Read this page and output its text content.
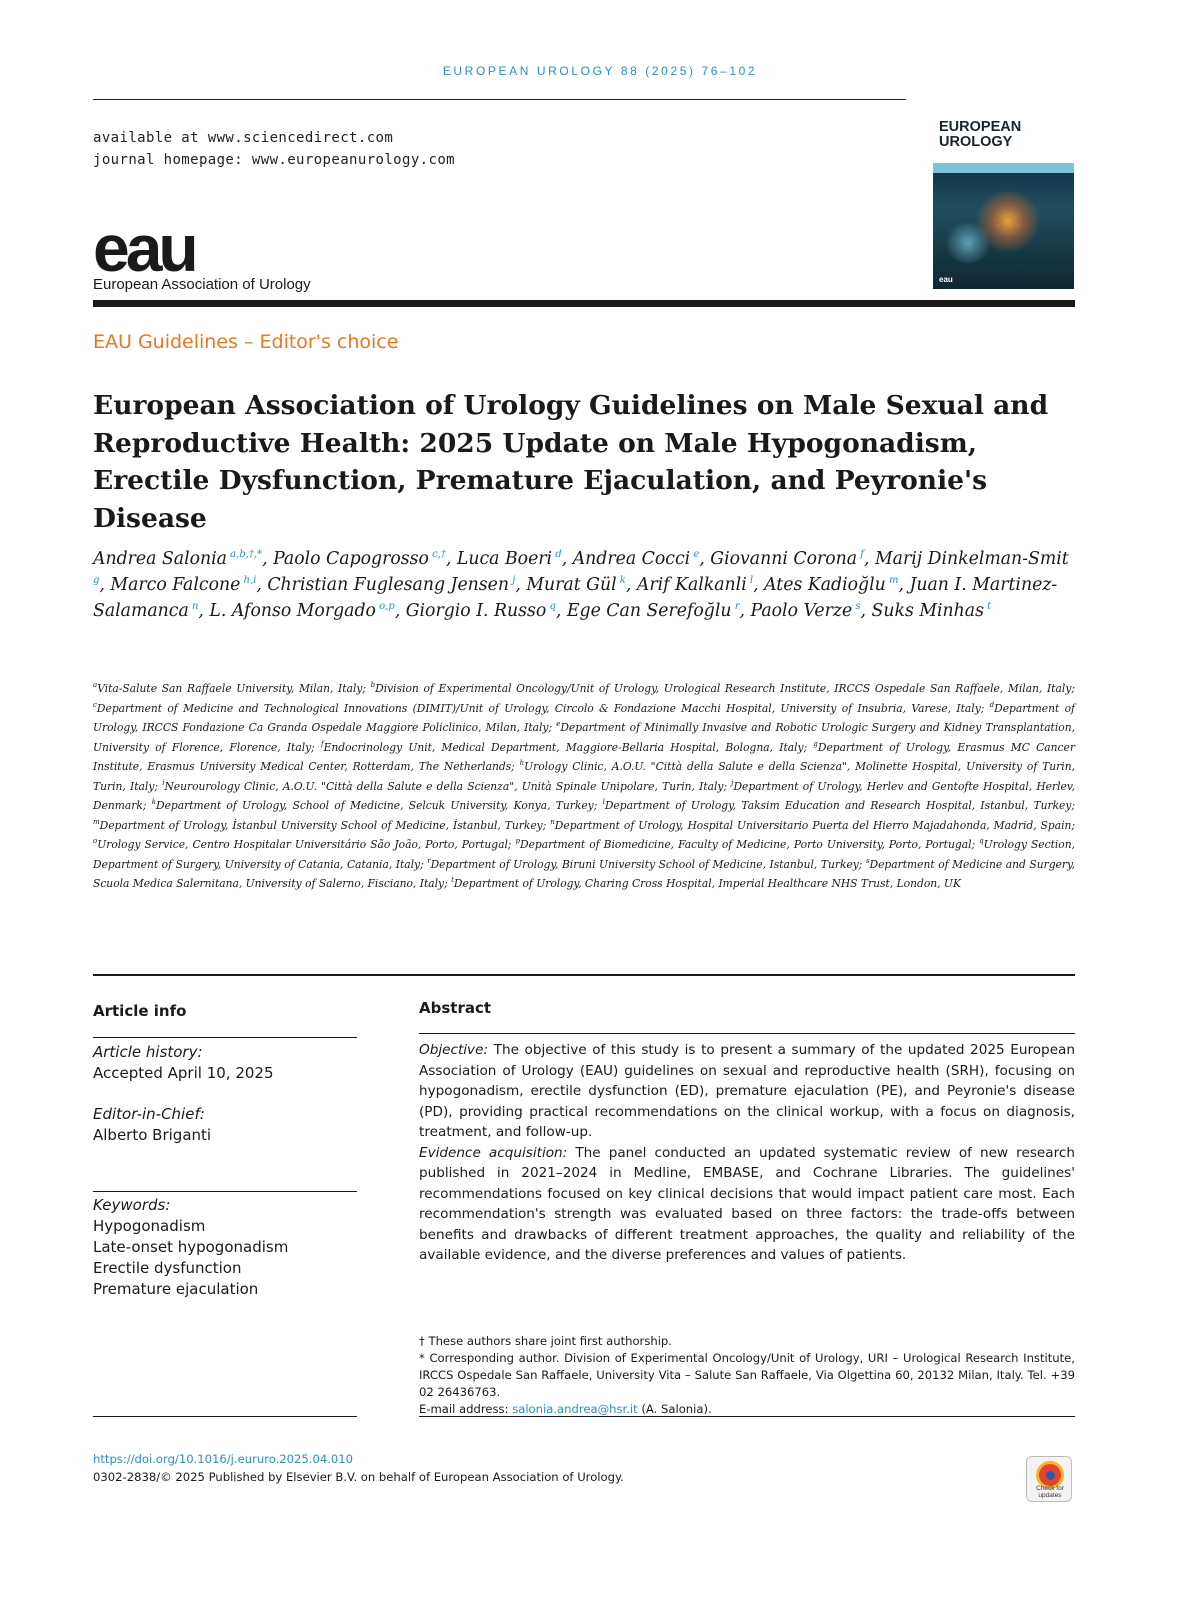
EUROPEAN UROLOGY 88 (2025) 76–102
available at www.sciencedirect.com
journal homepage: www.europeanurology.com
EUROPEAN
UROLOGY
eau
eau
European Association of Urology
EAU Guidelines – Editor's choice
European Association of Urology Guidelines on Male Sexual and Reproductive Health: 2025 Update on Male Hypogonadism, Erectile Dysfunction, Premature Ejaculation, and Peyronie's Disease
Andrea Salonia $^{a,b,\dagger,*}$, Paolo Capogrosso $^{c,\dagger}$, Luca Boeri $^d$, Andrea Cocci $^e$, Giovanni Corona $^f$, Marij Dinkelman-Smit $^g$, Marco Falcone $^{h,i}$, Christian Fuglesang Jensen $^j$, Murat Gül $^k$, Arif Kalkanli $^l$, Ates Kadioğlu $^m$, Juan I. Martinez-Salamanca $^n$, L. Afonso Morgado $^{o,p}$, Giorgio I. Russo $^q$, Ege Can Serefoğlu $^r$, Paolo Verze $^s$, Suks Minhas $^t$
$^a$Vita-Salute San Raffaele University, Milan, Italy; $^b$Division of Experimental Oncology/Unit of Urology, Urological Research Institute, IRCCS Ospedale San Raffaele, Milan, Italy; $^c$Department of Medicine and Technological Innovations (DIMIT)/Unit of Urology, Circolo & Fondazione Macchi Hospital, University of Insubria, Varese, Italy; $^d$Department of Urology, IRCCS Fondazione Ca Granda Ospedale Maggiore Policlinico, Milan, Italy; $^e$Department of Minimally Invasive and Robotic Urologic Surgery and Kidney Transplantation, University of Florence, Florence, Italy; $^f$Endocrinology Unit, Medical Department, Maggiore-Bellaria Hospital, Bologna, Italy; $^g$Department of Urology, Erasmus MC Cancer Institute, Erasmus University Medical Center, Rotterdam, The Netherlands; $^h$Urology Clinic, A.O.U. "Città della Salute e della Scienza", Molinette Hospital, University of Turin, Turin, Italy; $^i$Neurourology Clinic, A.O.U. "Città della Salute e della Scienza", Unità Spinale Unipolare, Turin, Italy; $^j$Department of Urology, Herlev and Gentofte Hospital, Herlev, Denmark; $^k$Department of Urology, School of Medicine, Selcuk University, Konya, Turkey; $^l$Department of Urology, Taksim Education and Research Hospital, Istanbul, Turkey; $^m$Department of Urology, İstanbul University School of Medicine, İstanbul, Turkey; $^n$Department of Urology, Hospital Universitario Puerta del Hierro Majadahonda, Madrid, Spain; $^o$Urology Service, Centro Hospitalar Universitário São João, Porto, Portugal; $^p$Department of Biomedicine, Faculty of Medicine, Porto University, Porto, Portugal; $^q$Urology Section, Department of Surgery, University of Catania, Catania, Italy; $^r$Department of Urology, Biruni University School of Medicine, Istanbul, Turkey; $^s$Department of Medicine and Surgery, Scuola Medica Salernitana, University of Salerno, Fisciano, Italy; $^t$Department of Urology, Charing Cross Hospital, Imperial Healthcare NHS Trust, London, UK
Article info	Abstract
Article history:
Accepted April 10, 2025
Editor-in-Chief:
Alberto Briganti
Keywords:
Hypogonadism
Late-onset hypogonadism
Erectile dysfunction
Premature ejaculation

Objective: The objective of this study is to present a summary of the updated 2025 European Association of Urology (EAU) guidelines on sexual and reproductive health (SRH), focusing on hypogonadism, erectile dysfunction (ED), premature ejaculation (PE), and Peyronie's disease (PD), providing practical recommendations on the clinical workup, with a focus on diagnosis, treatment, and follow-up.

Evidence acquisition: The panel conducted an updated systematic review of new research published in 2021–2024 in Medline, EMBASE, and Cochrane Libraries. The guidelines' recommendations focused on key clinical decisions that would impact patient care most. Each recommendation's strength was evaluated based on three factors: the trade-offs between benefits and drawbacks of different treatment approaches, the quality and reliability of the available evidence, and the diverse preferences and values of patients.

† These authors share joint first authorship.
* Corresponding author. Division of Experimental Oncology/Unit of Urology, URI – Urological Research Institute, IRCCS Ospedale San Raffaele, University Vita – Salute San Raffaele, Via Olgettina 60, 20132 Milan, Italy. Tel. +39 02 26436763.
E-mail address: salonia.andrea@hsr.it (A. Salonia).
https://doi.org/10.1016/j.eururo.2025.04.010
0302-2838/© 2025 Published by Elsevier B.V. on behalf of European Association of Urology.
Check for updates
